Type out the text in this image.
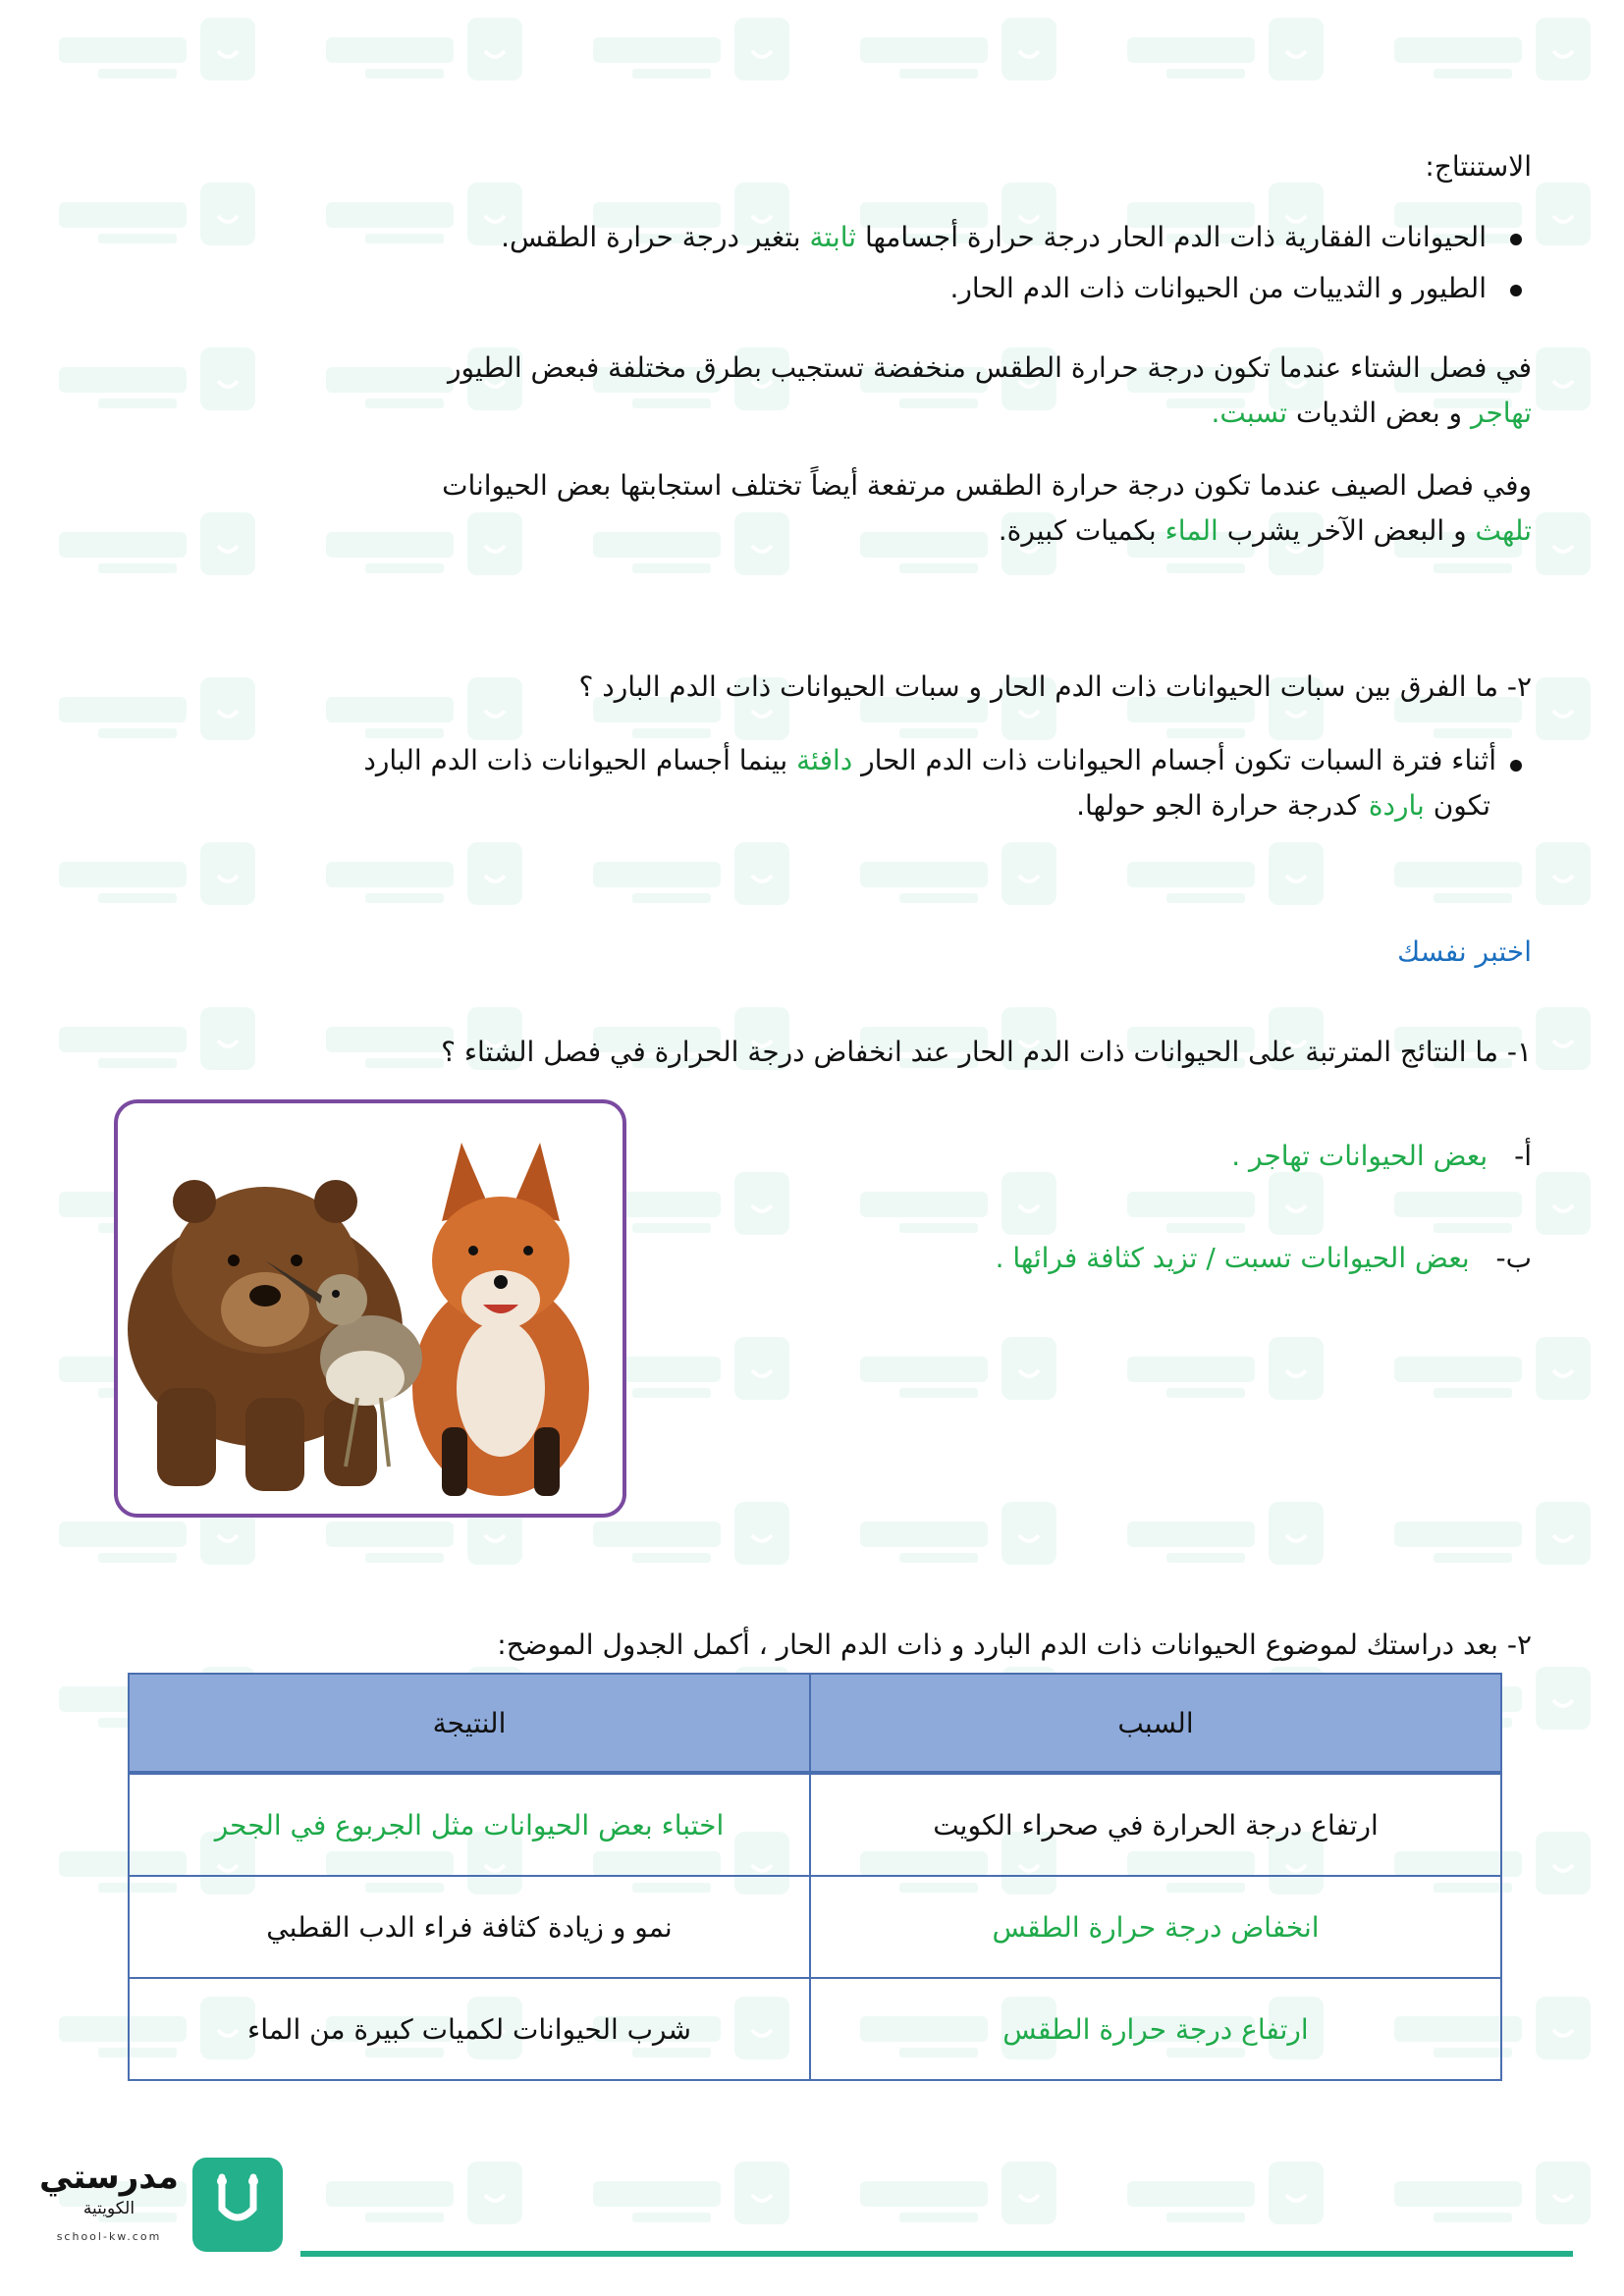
الاستنتاج:
الحيوانات الفقارية ذات الدم الحار درجة حرارة أجسامها ثابتة بتغير درجة حرارة الطقس.
الطيور و الثدييات من الحيوانات ذات الدم الحار.
في فصل الشتاء عندما تكون درجة حرارة الطقس منخفضة تستجيب بطرق مختلفة فبعض الطيور
تهاجر و بعض الثديات تسبت.
وفي فصل الصيف عندما تكون درجة حرارة الطقس مرتفعة أيضاً تختلف استجابتها بعض الحيوانات
تلهث و البعض الآخر يشرب الماء بكميات كبيرة.
٢- ما الفرق بين سبات الحيوانات ذات الدم الحار و سبات الحيوانات ذات الدم البارد ؟
أثناء فترة السبات تكون أجسام الحيوانات ذات الدم الحار دافئة بينما أجسام الحيوانات ذات الدم البارد
تكون باردة كدرجة حرارة الجو حولها.
اختبر نفسك
١- ما النتائج المترتبة على الحيوانات ذات الدم الحار عند انخفاض درجة الحرارة في فصل الشتاء ؟
أ- بعض الحيوانات تهاجر .
ب- بعض الحيوانات تسبت / تزيد كثافة فرائها .
٢- بعد دراستك لموضوع الحيوانات ذات الدم البارد و ذات الدم الحار ، أكمل الجدول الموضح:
السبب	النتيجة
ارتفاع درجة الحرارة في صحراء الكويت	اختباء بعض الحيوانات مثل الجربوع في الجحر
انخفاض درجة حرارة الطقس	نمو و زيادة كثافة فراء الدب القطبي
ارتفاع درجة حرارة الطقس	شرب الحيوانات لكميات كبيرة من الماء
مدرستي
الكويتية
school-kw.com
